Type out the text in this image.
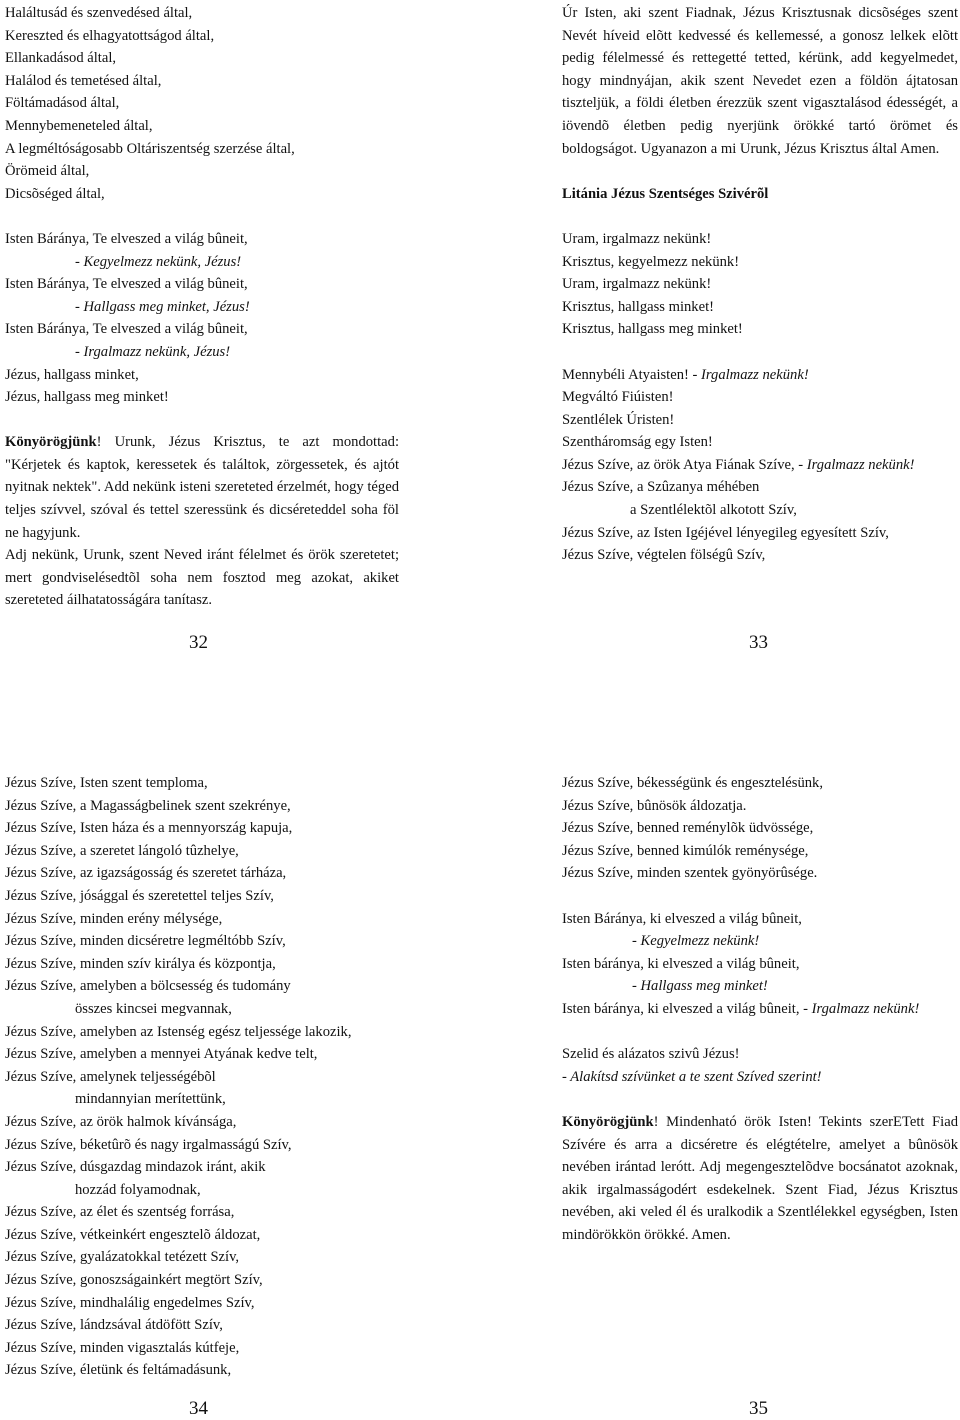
Haláltusád és szenvedésed által,
Kereszted és elhagyatottságod által,
Ellankadásod által,
Halálod és temetésed által,
Föltámadásod által,
Mennybemeneteled által,
A legméltóságosabb Oltáriszentség szerzése által,
Örömeid által,
Dicsõséged által,
Isten Báránya, Te elveszed a világ bûneit,
- Kegyelmezz nekünk, Jézus!
Isten Báránya, Te elveszed a világ bûneit,
- Hallgass meg minket, Jézus!
Isten Báránya, Te elveszed a világ bûneit,
- Irgalmazz nekünk, Jézus!
Jézus, hallgass minket,
Jézus, hallgass meg minket!

Könyörögjünk! Urunk, Jézus Krisztus, te azt mondottad: "Kérjetek és kaptok, keressetek és találtok, zörgessetek, és ajtót nyitnak nektek". Add nekünk isteni szereteted érzelmét, hogy téged teljes szívvel, szóval és tettel szeressünk és dicséreteddel soha föl ne hagyjunk.

Adj nekünk, Urunk, szent Neved iránt félelmet és örök szeretetet; mert gondviselésedtõl soha nem fosztod meg azokat, akiket szereteted áilhatatosságára tanítasz.

32
Úr Isten, aki szent Fiadnak, Jézus Krisztusnak dicsõséges szent Nevét híveid elõtt kedvessé és kellemessé, a gonosz lelkek elõtt pedig félelmessé és rettegetté tetted, kérünk, add kegyelmedet, hogy mindnyájan, akik szent Nevedet ezen a földön ájtatosan tiszteljük, a földi életben érezzük szent vigasztalásod édességét, a iövendõ életben pedig nyerjünk örökké tartó örömet és boldogságot. Ugyanazon a mi Urunk, Jézus Krisztus által Amen.
Litánia Jézus Szentséges Szivérõl
Uram, irgalmazz nekünk!
Krisztus, kegyelmezz nekünk!
Uram, irgalmazz nekünk!
Krisztus, hallgass minket!
Krisztus, hallgass meg minket!
Mennybéli Atyaisten! - Irgalmazz nekünk!
Megváltó Fiúisten!
Szentlélek Úristen!
Szentháromság egy Isten!
Jézus Szíve, az örök Atya Fiának Szíve, - Irgalmazz nekünk!
Jézus Szíve, a Szûzanya méhében
a Szentlélektõl alkotott Szív,
Jézus Szíve, az Isten Igéjével lényegileg egyesített Szív,
Jézus Szíve, végtelen fölségû Szív,
33
Jézus Szíve, Isten szent temploma,
Jézus Szíve, a Magasságbelinek szent szekrénye,
Jézus Szíve, Isten háza és a mennyország kapuja,
Jézus Szíve, a szeretet lángoló tûzhelye,
Jézus Szíve, az igazságosság és szeretet tárháza,
Jézus Szíve, jósággal és szeretettel teljes Szív,
Jézus Szíve, minden erény mélysége,
Jézus Szíve, minden dicséretre legméltóbb Szív,
Jézus Szíve, minden szív királya és központja,
Jézus Szíve, amelyben a bölcsesség és tudomány
összes kincsei megvannak,
Jézus Szíve, amelyben az Istenség egész teljessége lakozik,
Jézus Szíve, amelyben a mennyei Atyának kedve telt,
Jézus Szíve, amelynek teljességébõl
mindannyian merítettünk,
Jézus Szíve, az örök halmok kívánsága,
Jézus Szíve, béketûrõ és nagy irgalmasságú Szív,
Jézus Szíve, dúsgazdag mindazok iránt, akik
hozzád folyamodnak,
Jézus Szíve, az élet és szentség forrása,
Jézus Szíve, vétkeinkért engesztelõ áldozat,
Jézus Szíve, gyalázatokkal tetézett Szív,
Jézus Szíve, gonoszságainkért megtört Szív,
Jézus Szíve, mindhalálig engedelmes Szív,
Jézus Szíve, lándzsával átdöfött Szív,
Jézus Szíve, minden vigasztalás kútfeje,
Jézus Szíve, életünk és feltámadásunk,
34
Jézus Szíve, békességünk és engesztelésünk,
Jézus Szíve, bûnösök áldozatja.
Jézus Szíve, benned reménylõk üdvössége,
Jézus Szíve, benned kimúlók reménysége,
Jézus Szíve, minden szentek gyönyörûsége.
Isten Báránya, ki elveszed a világ bûneit,
- Kegyelmezz nekünk!
Isten báránya, ki elveszed a világ bûneit,
- Hallgass meg minket!
Isten báránya, ki elveszed a világ bûneit, - Irgalmazz nekünk!
Szelid és alázatos szivû Jézus!
- Alakítsd szívünket a te szent Szíved szerint!

Könyörögjünk! Mindenható örök Isten! Tekints szerETett Fiad Szívére és arra a dicséretre és elégtételre, amelyet a bûnösök nevében irántad lerótt. Adj megengesztelõdve bocsánatot azoknak, akik irgalmasságodért esdekelnek. Szent Fiad, Jézus Krisztus nevében, aki veled él és uralkodik a Szentlélekkel egységben, Isten mindörökkön örökké. Amen.

35
